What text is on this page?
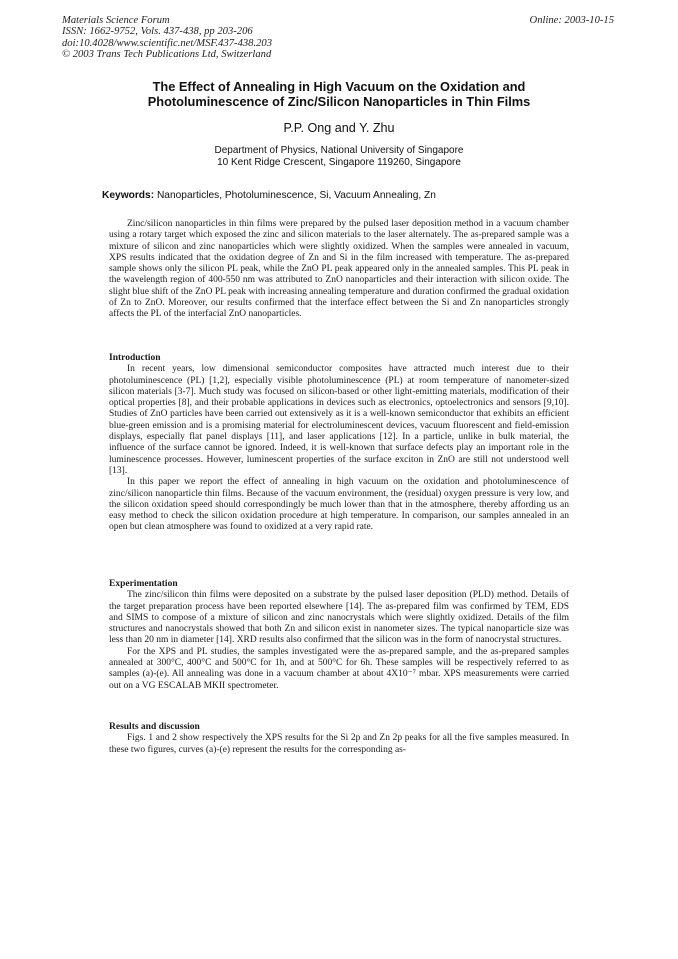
Materials Science Forum
ISSN: 1662-9752, Vols. 437-438, pp 203-206
doi:10.4028/www.scientific.net/MSF.437-438.203
© 2003 Trans Tech Publications Ltd, Switzerland
Online: 2003-10-15
The Effect of Annealing in High Vacuum on the Oxidation and
Photoluminescence of Zinc/Silicon Nanoparticles in Thin Films
P.P. Ong and Y. Zhu
Department of Physics, National University of Singapore
10 Kent Ridge Crescent, Singapore 119260, Singapore
Keywords: Nanoparticles, Photoluminescence, Si, Vacuum Annealing, Zn

Zinc/silicon nanoparticles in thin films were prepared by the pulsed laser deposition method in a vacuum chamber using a rotary target which exposed the zinc and silicon materials to the laser alternately. The as-prepared sample was a mixture of silicon and zinc nanoparticles which were slightly oxidized. When the samples were annealed in vacuum, XPS results indicated that the oxidation degree of Zn and Si in the film increased with temperature. The as-prepared sample shows only the silicon PL peak, while the ZnO PL peak appeared only in the annealed samples. This PL peak in the wavelength region of 400-550 nm was attributed to ZnO nanoparticles and their interaction with silicon oxide. The slight blue shift of the ZnO PL peak with increasing annealing temperature and duration confirmed the gradual oxidation of Zn to ZnO. Moreover, our results confirmed that the interface effect between the Si and Zn nanoparticles strongly affects the PL of the interfacial ZnO nanoparticles.

Introduction

In recent years, low dimensional semiconductor composites have attracted much interest due to their photoluminescence (PL) [1,2], especially visible photoluminescence (PL) at room temperature of nanometer-sized silicon materials [3-7]. Much study was focused on silicon-based or other light-emitting materials, modification of their optical properties [8], and their probable applications in devices such as electronics, optoelectronics and sensors [9,10]. Studies of ZnO particles have been carried out extensively as it is a well-known semiconductor that exhibits an efficient blue-green emission and is a promising material for electroluminescent devices, vacuum fluorescent and field-emission displays, especially flat panel displays [11], and laser applications [12]. In a particle, unlike in bulk material, the influence of the surface cannot be ignored. Indeed, it is well-known that surface defects play an important role in the luminescence processes. However, luminescent properties of the surface exciton in ZnO are still not understood well [13].

In this paper we report the effect of annealing in high vacuum on the oxidation and photoluminescence of zinc/silicon nanoparticle thin films. Because of the vacuum environment, the (residual) oxygen pressure is very low, and the silicon oxidation speed should correspondingly be much lower than that in the atmosphere, thereby affording us an easy method to check the silicon oxidation procedure at high temperature. In comparison, our samples annealed in an open but clean atmosphere was found to oxidized at a very rapid rate.

Experimentation

The zinc/silicon thin films were deposited on a substrate by the pulsed laser deposition (PLD) method. Details of the target preparation process have been reported elsewhere [14]. The as-prepared film was confirmed by TEM, EDS and SIMS to compose of a mixture of silicon and zinc nanocrystals which were slightly oxidized. Details of the film structures and nanocrystals showed that both Zn and silicon exist in nanometer sizes. The typical nanoparticle size was less than 20 nm in diameter [14]. XRD results also confirmed that the silicon was in the form of nanocrystal structures.

For the XPS and PL studies, the samples investigated were the as-prepared sample, and the as-prepared samples annealed at 300°C, 400°C and 500°C for 1h, and at 500°C for 6h. These samples will be respectively referred to as samples (a)-(e). All annealing was done in a vacuum chamber at about 4X10⁻⁷ mbar. XPS measurements were carried out on a VG ESCALAB MKII spectrometer.

Results and discussion

Figs. 1 and 2 show respectively the XPS results for the Si 2p and Zn 2p peaks for all the five samples measured. In these two figures, curves (a)-(e) represent the results for the corresponding as-
